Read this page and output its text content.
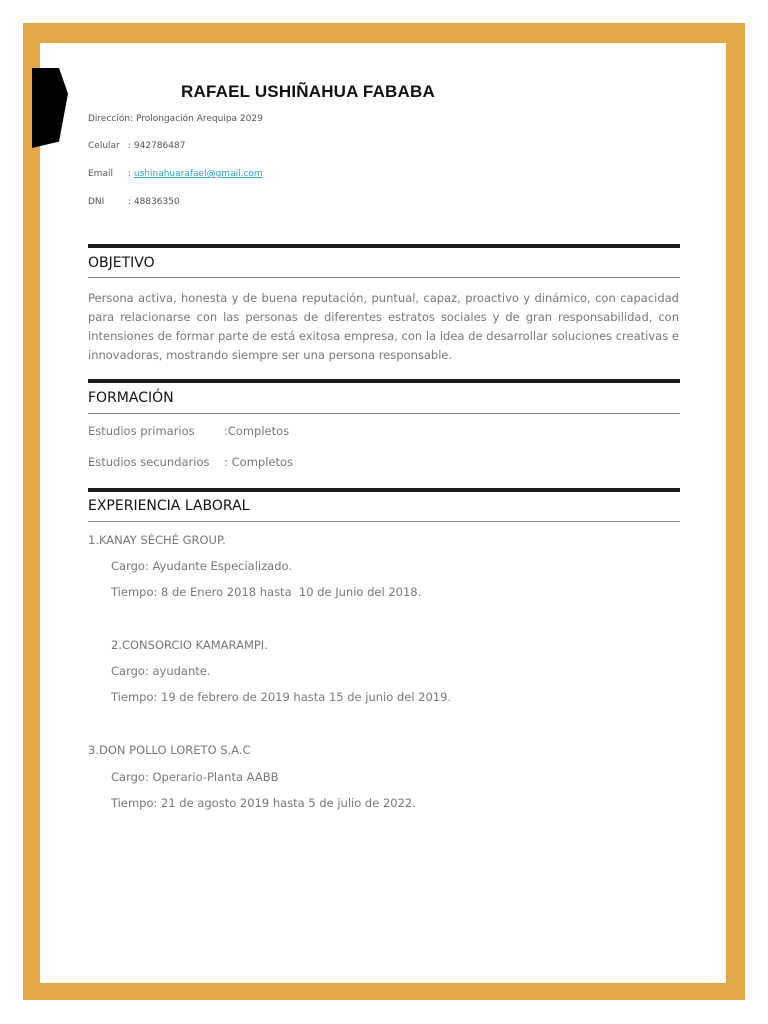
RAFAEL USHIÑAHUA FABABA
Dirección: Prolongación Arequipa 2029
Celular : 942786487
Email : ushinahuarafael@gmail.com
DNI	: 48836350
OBJETIVO
Persona activa, honesta y de buena reputación, puntual, capaz, proactivo y dinámico, con capacidad para relacionarse con las personas de diferentes estratos sociales y de gran responsabilidad, con intensiones de formar parte de está exitosa empresa, con la idea de desarrollar soluciones creativas e innovadoras, mostrando siempre ser una persona responsable.
FORMACIÓN
Estudios primarios        :Completos
Estudios secundarios    : Completos
EXPERIENCIA LABORAL
1.KANAY SÉCHÉ GROUP.
Cargo: Ayudante Especializado.
Tiempo: 8 de Enero 2018 hasta  10 de Junio del 2018.
2.CONSORCIO KAMARAMPI.
Cargo: ayudante.
Tiempo: 19 de febrero de 2019 hasta 15 de junio del 2019.
3.DON POLLO LORETO S.A.C
Cargo: Operario-Planta AABB
Tiempo: 21 de agosto 2019 hasta 5 de julio de 2022.
